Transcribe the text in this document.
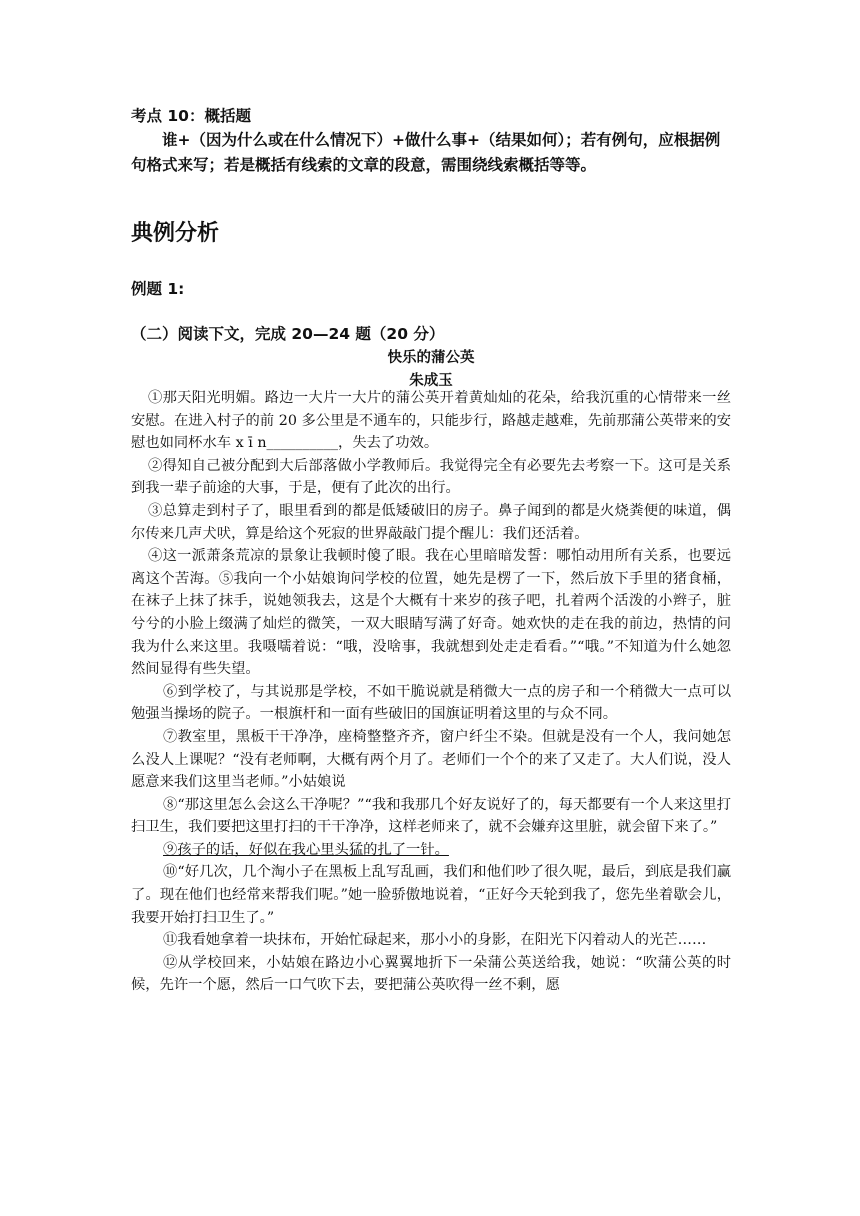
考点 10：概括题
谁+（因为什么或在什么情况下）+做什么事+（结果如何）；若有例句，应根据例句格式来写；若是概括有线索的文章的段意，需围绕线索概括等等。
典例分析
例题 1:
（二）阅读下文，完成 20—24 题（20 分）
快乐的蒲公英
朱成玉

①那天阳光明媚。路边一大片一大片的蒲公英开着黄灿灿的花朵，给我沉重的心情带来一丝安慰。在进入村子的前 20 多公里是不通车的，只能步行，路越走越难，先前那蒲公英带来的安慰也如同杯水车 x ī n__________，失去了功效。

②得知自己被分配到大后部落做小学教师后。我觉得完全有必要先去考察一下。这可是关系到我一辈子前途的大事，于是，便有了此次的出行。

③总算走到村子了，眼里看到的都是低矮破旧的房子。鼻子闻到的都是火烧粪便的味道，偶尔传来几声犬吠，算是给这个死寂的世界敲敲门提个醒儿：我们还活着。

④这一派萧条荒凉的景象让我顿时傻了眼。我在心里暗暗发誓：哪怕动用所有关系，也要远离这个苦海。⑤我向一个小姑娘询问学校的位置，她先是楞了一下，然后放下手里的猪食桶，在袜子上抹了抹手，说她领我去，这是个大概有十来岁的孩子吧，扎着两个活泼的小辫子，脏兮兮的小脸上缀满了灿烂的微笑，一双大眼睛写满了好奇。她欢快的走在我的前边，热情的问我为什么来这里。我嗫嚅着说：“哦，没啥事，我就想到处走走看看。”“哦。”不知道为什么她忽然间显得有些失望。

⑥到学校了，与其说那是学校，不如干脆说就是稍微大一点的房子和一个稍微大一点可以勉强当操场的院子。一根旗杆和一面有些破旧的国旗证明着这里的与众不同。

⑦教室里，黑板干干净净，座椅整整齐齐，窗户纤尘不染。但就是没有一个人，我问她怎么没人上课呢？“没有老师啊，大概有两个月了。老师们一个个的来了又走了。大人们说，没人愿意来我们这里当老师。”小姑娘说

⑧“那这里怎么会这么干净呢？”“我和我那几个好友说好了的，每天都要有一个人来这里打扫卫生，我们要把这里打扫的干干净净，这样老师来了，就不会嫌弃这里脏，就会留下来了。”

⑨孩子的话，好似在我心里头猛的扎了一针。

⑩“好几次，几个淘小子在黑板上乱写乱画，我们和他们吵了很久呢，最后，到底是我们赢了。现在他们也经常来帮我们呢。”她一脸骄傲地说着，“正好今天轮到我了，您先坐着歇会儿，我要开始打扫卫生了。”

⑪我看她拿着一块抹布，开始忙碌起来，那小小的身影，在阳光下闪着动人的光芒……

⑫从学校回来，小姑娘在路边小心翼翼地折下一朵蒲公英送给我，她说：“吹蒲公英的时候，先许一个愿，然后一口气吹下去，要把蒲公英吹得一丝不剩，愿
